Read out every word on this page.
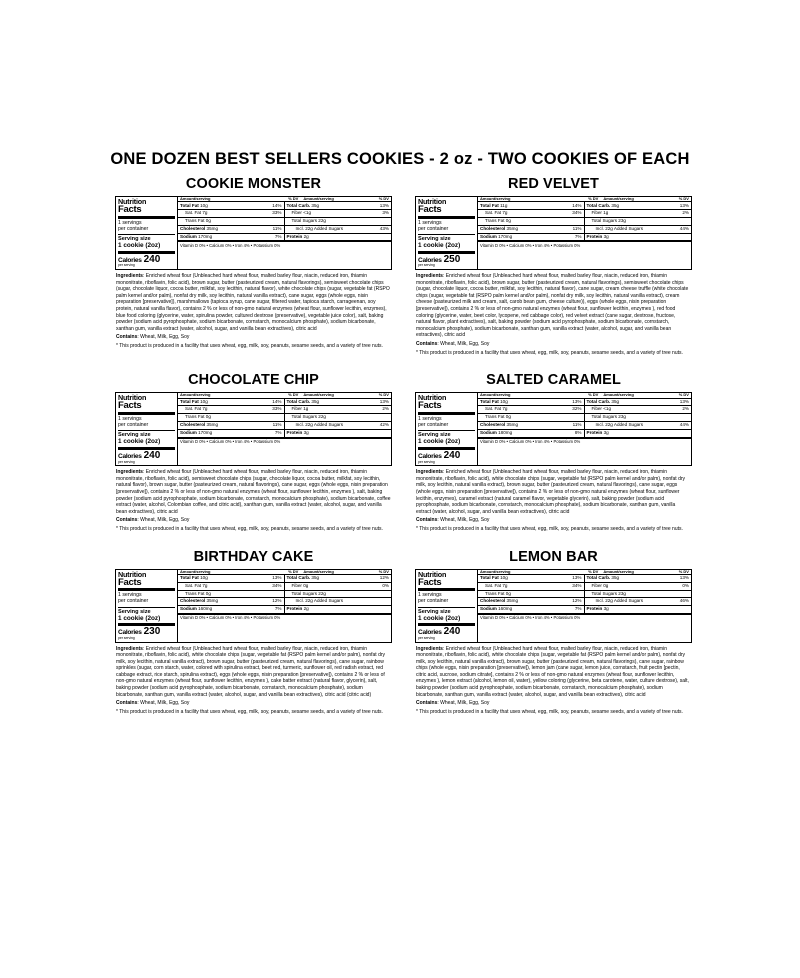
ONE DOZEN BEST SELLERS COOKIES - 2 oz - TWO COOKIES OF EACH
COOKIE MONSTER
Nutrition
Facts
1 servings
per container
Serving size
1 cookie (2oz)
Calories
per serving
240
Amount/serving	% DV	Amount/serving	% DV
Total Fat 10g	14%
Sat. Fat 7g	33%
Trans Fat 0g
Cholesterol 35mg	11%
Sodium 170mg	7%
Total Carb. 35g	13%
Fiber <1g	3%
Total Sugars 22g
Incl. 22g Added Sugars	43%
Protein 2g
Vitamin D 0% • Calcium 0% • Iron 4% • Potassium 0%

Ingredients: Enriched wheat flour (Unbleached hard wheat flour, malted barley flour, niacin, reduced iron, thiamin mononitrate, riboflavin, folic acid), brown sugar, butter (pasteurized cream, natural flavorings), semisweet chocolate chips (sugar, chocolate liquor, cocoa butter, milkfat, soy lecithin, natural flavor), white chocolate chips (sugar, vegetable fat (RSPO palm kernel and/or palm), nonfat dry milk, soy lecithin, natural vanilla extract), cane sugar, eggs (whole eggs, nisin preparation [preservative]), marshmallows (tapioca syrup, cane sugar, filtered water, tapioca starch, carrageenan, soy protein, natural vanilla flavor), contains 2 % or less of non-gmo natural enzymes (wheat flour, sunflower lecithin, enzymes), blue food coloring (glycerine, water, spirulina powder, cultured dextrose (preservative), vegetable juice color), salt, baking powder (sodium acid pyrophosphate, sodium bicarbonate, cornstarch, monocalcium phosphate), sodium bicarbonate, xanthan gum, vanilla extract (water, alcohol, sugar, and vanilla bean extractives), citric acid

Contains: Wheat, Milk, Egg, Soy

* This product is produced in a facility that uses wheat, egg, milk, soy, peanuts, sesame seeds, and a variety of tree nuts.

RED VELVET
Nutrition
Facts
1 servings
per container
Serving size
1 cookie (2oz)
Calories
per serving
250
Amount/serving	% DV	Amount/serving	% DV
Total Fat 11g	14%
Sat. Fat 7g	34%
Trans Fat 0g
Cholesterol 35mg	11%
Sodium 170mg	7%
Total Carb. 35g	13%
Fiber 1g	2%
Total Sugars 23g
Incl. 22g Added Sugars	44%
Protein 3g
Vitamin D 0% • Calcium 0% • Iron 4% • Potassium 0%

Ingredients: Enriched wheat flour (Unbleached hard wheat flour, malted barley flour, niacin, reduced iron, thiamin mononitrate, riboflavin, folic acid), brown sugar, butter (pasteurized cream, natural flavorings), semisweet chocolate chips (sugar, chocolate liquor, cocoa butter, milkfat, soy lecithin, natural flavor), cane sugar, cream cheese truffle (white chocolate chips (sugar, vegetable fat (RSPO palm kernel and/or palm), nonfat dry milk, soy lecithin, natural vanilla extract), cream cheese (pasteurized milk and cream, salt, carob bean gum, cheese culture)), eggs (whole eggs, nisin preparation [preservative]), contains 2 % or less of non-gmo natural enzymes (wheat flour, sunflower lecithin, enzymes ), red food coloring (glycerine, water, beet color, lycopene, red cabbage color), red velvet extract (cane sugar, dextrose, fructose, natural flavor, plant extractives), salt, baking powder (sodium acid pyrophosphate, sodium bicarbonate, cornstarch, monocalcium phosphate), sodium bicarbonate, xanthan gum, vanilla extract (water, alcohol, sugar, and vanilla bean extractives), citric acid

Contains: Wheat, Milk, Egg, Soy

* This product is produced in a facility that uses wheat, egg, milk, soy, peanuts, sesame seeds, and a variety of tree nuts.

CHOCOLATE CHIP
Nutrition
Facts
1 servings
per container
Serving size
1 cookie (2oz)
Calories
per serving
240
Amount/serving	% DV	Amount/serving	% DV
Total Fat 10g	14%
Sat. Fat 7g	33%
Trans Fat 0g
Cholesterol 35mg	11%
Sodium 170mg	7%
Total Carb. 35g	13%
Fiber 1g	2%
Total Sugars 22g
Incl. 22g Added Sugars	42%
Protein 3g
Vitamin D 0% • Calcium 0% • Iron 4% • Potassium 0%

Ingredients: Enriched wheat flour (Unbleached hard wheat flour, malted barley flour, niacin, reduced iron, thiamin mononitrate, riboflavin, folic acid), semisweet chocolate chips (sugar, chocolate liquor, cocoa butter, milkfat, soy lecithin, natural flavor), brown sugar, butter (pasteurized cream, natural flavorings), cane sugar, eggs (whole eggs, nisin preparation [preservative]), contains 2 % or less of non-gmo natural enzymes (wheat flour, sunflower lecithin, enzymes ), salt, baking powder (sodium acid pyrophosphate, sodium bicarbonate, cornstarch, monocalcium phosphate), sodium bicarbonate, coffee extract (water, alcohol, Colombian coffee, and citric acid), xanthan gum, vanilla extract (water, alcohol, sugar, and vanilla bean extractives), citric acid

Contains: Wheat, Milk, Egg, Soy

* This product is produced in a facility that uses wheat, egg, milk, soy, peanuts, sesame seeds, and a variety of tree nuts.

SALTED CARAMEL
Nutrition
Facts
1 servings
per container
Serving size
1 cookie (2oz)
Calories
per serving
240
Amount/serving	% DV	Amount/serving	% DV
Total Fat 10g	13%
Sat. Fat 7g	32%
Trans Fat 0g
Cholesterol 35mg	11%
Sodium 180mg	8%
Total Carb. 35g	13%
Fiber <1g	2%
Total Sugars 23g
Incl. 22g Added Sugars	44%
Protein 3g
Vitamin D 0% • Calcium 0% • Iron 4% • Potassium 0%

Ingredients: Enriched wheat flour (Unbleached hard wheat flour, malted barley flour, niacin, reduced iron, thiamin mononitrate, riboflavin, folic acid), white chocolate chips (sugar, vegetable fat (RSPO palm kernel and/or palm), nonfat dry milk, soy lecithin, natural vanilla extract), brown sugar, butter (pasteurized cream, natural flavorings), cane sugar, eggs (whole eggs, nisin preparation [preservative]), contains 2 % or less of non-gmo natural enzymes (wheat flour, sunflower lecithin, enzymes), caramel extract (natural caramel flavor, vegetable glycerin), salt, baking powder (sodium acid pyrophosphate, sodium bicarbonate, cornstarch, monocalcium phosphate), sodium bicarbonate, xanthan gum, vanilla extract (water, alcohol, sugar, and vanilla bean extractives), citric acid

Contains: Wheat, Milk, Egg, Soy

* This product is produced in a facility that uses wheat, egg, milk, soy, peanuts, sesame seeds, and a variety of tree nuts.

BIRTHDAY CAKE
Nutrition
Facts
1 servings
per container
Serving size
1 cookie (2oz)
Calories
per serving
230
Amount/serving	% DV	Amount/serving	% DV
Total Fat 10g	13%
Sat. Fat 7g	34%
Trans Fat 0g
Cholesterol 35mg	12%
Sodium 160mg	7%
Total Carb. 35g	12%
Fiber 0g	0%
Total Sugars 22g
Incl. 22g Added Sugars
Protein 2g
Vitamin D 0% • Calcium 0% • Iron 4% • Potassium 0%

Ingredients: Enriched wheat flour (Unbleached hard wheat flour, malted barley flour, niacin, reduced iron, thiamin mononitrate, riboflavin, folic acid), white chocolate chips (sugar, vegetable fat (RSPO palm kernel and/or palm), nonfat dry milk, soy lecithin, natural vanilla extract), brown sugar, butter (pasteurized cream, natural flavorings), cane sugar, rainbow sprinkles (sugar, corn starch, water, colored with spirulina extract, beet red, turmeric, sunflower oil, red radish extract, red cabbage extract, rice starch, spirulina extract), eggs (whole eggs, nisin preparation [preservative]), contains 2 % or less of non-gmo natural enzymes (wheat flour, sunflower lecithin, enzymes ), cake batter extract (natural flavor, glycerin), salt, baking powder (sodium acid pyrophosphate, sodium bicarbonate, cornstarch, monocalcium phosphate), sodium bicarbonate, xanthan gum, vanilla extract (water, alcohol, sugar, and vanilla bean extractives), citric acid (citric acid)

Contains: Wheat, Milk, Egg, Soy

* This product is produced in a facility that uses wheat, egg, milk, soy, peanuts, sesame seeds, and a variety of tree nuts.

LEMON BAR
Nutrition
Facts
1 servings
per container
Serving size
1 cookie (2oz)
Calories
per serving
240
Amount/serving	% DV	Amount/serving	% DV
Total Fat 10g	13%
Sat. Fat 7g	34%
Trans Fat 0g
Cholesterol 35mg	12%
Sodium 160mg	7%
Total Carb. 35g	13%
Fiber 0g	0%
Total Sugars 23g
Incl. 22g Added Sugars	46%
Protein 3g
Vitamin D 0% • Calcium 0% • Iron 4% • Potassium 0%

Ingredients: Enriched wheat flour (Unbleached hard wheat flour, malted barley flour, niacin, reduced iron, thiamin mononitrate, riboflavin, folic acid), white chocolate chips (sugar, vegetable fat (RSPO palm kernel and/or palm), nonfat dry milk, soy lecithin, natural vanilla extract), brown sugar, butter (pasteurized cream, natural flavorings), cane sugar, rainbow chips (whole eggs, nisin preparation [preservative]), lemon jam (cane sugar, lemon juice, cornstarch, fruit pectin [pectin, citric acid, sucrose, sodium citrate], contains 2 % or less of non-gmo natural enzymes (wheat flour, sunflower lecithin, enzymes ), lemon extract (alcohol, lemon oil, water), yellow coloring (glycerine, beta carotene, water, culture dextrose), salt, baking powder (sodium acid pyrophosphate, sodium bicarbonate, cornstarch, monocalcium phosphate), sodium bicarbonate, xanthan gum, vanilla extract (water, alcohol, sugar, and vanilla bean extractives), citric acid

Contains: Wheat, Milk, Egg, Soy

* This product is produced in a facility that uses wheat, egg, milk, soy, peanuts, sesame seeds, and a variety of tree nuts.
